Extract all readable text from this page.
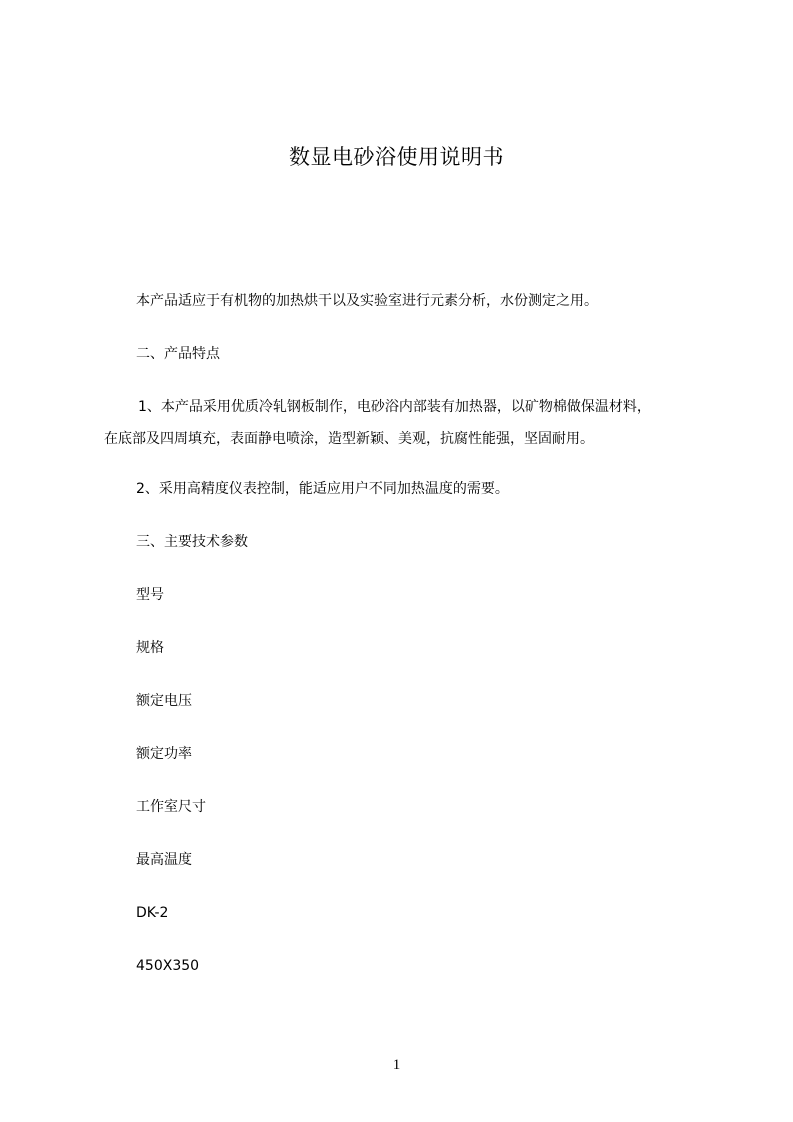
数显电砂浴使用说明书
本产品适应于有机物的加热烘干以及实验室进行元素分析，水份测定之用。
二、产品特点
1、本产品采用优质冷轧钢板制作，电砂浴内部装有加热器，以矿物棉做保温材料，
在底部及四周填充，表面静电喷涂，造型新颖、美观，抗腐性能强，坚固耐用。
2、采用高精度仪表控制，能适应用户不同加热温度的需要。
三、主要技术参数
型号
规格
额定电压
额定功率
工作室尺寸
最高温度
DK-2
450X350
1
